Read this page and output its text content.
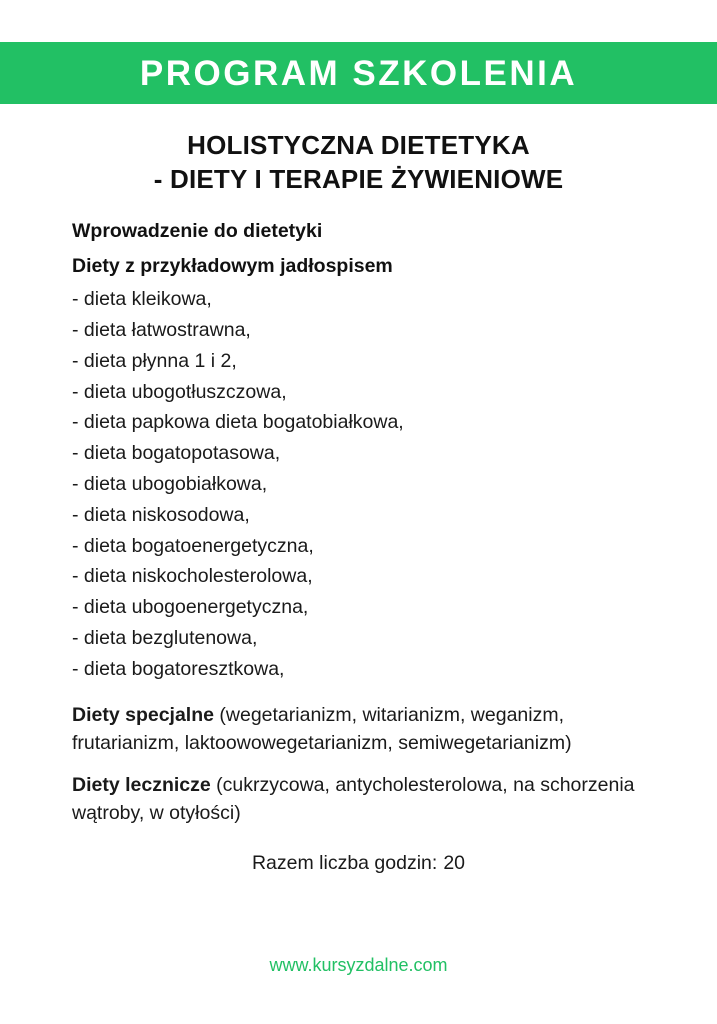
PROGRAM SZKOLENIA
HOLISTYCZNA DIETETYKA
- DIETY I TERAPIE ŻYWIENIOWE
Wprowadzenie do dietetyki
Diety z przykładowym jadłospisem
- dieta kleikowa,
- dieta łatwostrawna,
- dieta płynna 1 i 2,
- dieta ubogotłuszczowa,
- dieta papkowa dieta bogatobiałkowa,
- dieta bogatopotasowa,
- dieta ubogobiałkowa,
- dieta niskosodowa,
- dieta bogatoenergetyczna,
- dieta niskocholesterolowa,
- dieta ubogoenergetyczna,
- dieta bezglutenowa,
- dieta bogatoresztkowa,

Diety specjalne (wegetarianizm, witarianizm, weganizm, frutarianizm, laktoowowegetarianizm, semiwegetarianizm)

Diety lecznicze (cukrzycowa, antycholesterolowa, na schorzenia wątroby, w otyłości)

Razem liczba godzin: 20

www.kursyzdalne.com
